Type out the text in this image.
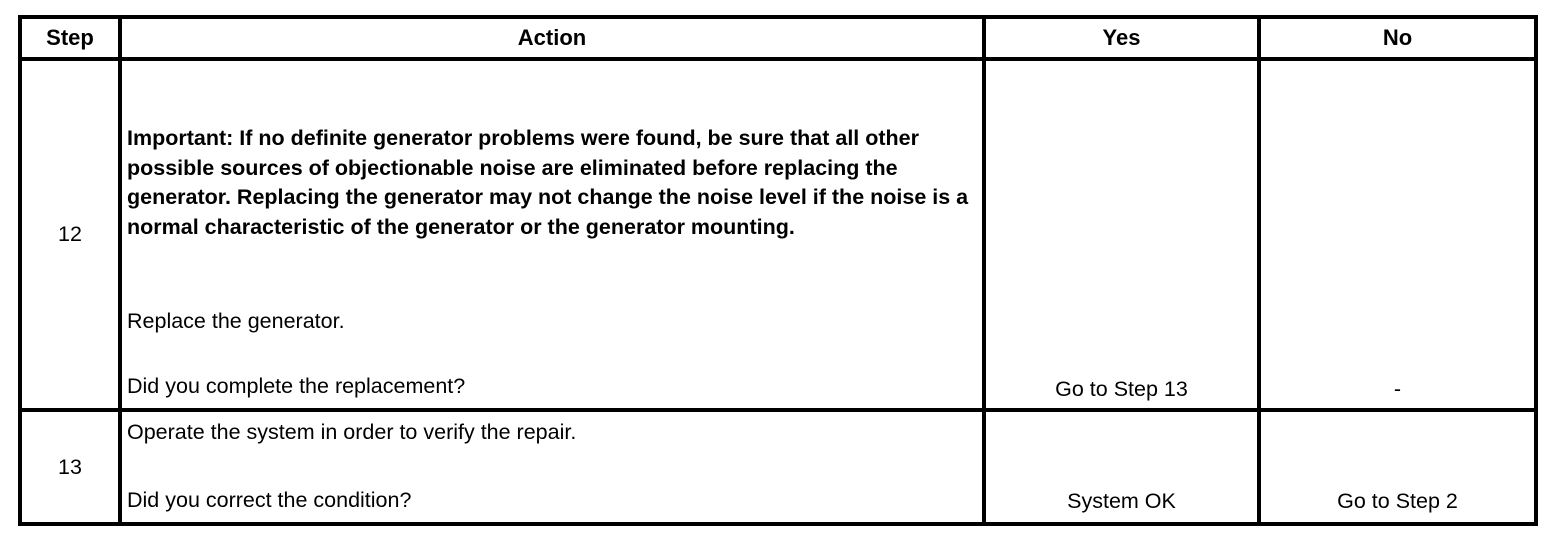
Step	Action	Yes	No
12	Important: If no definite generator problems were found, be sure that all other possible sources of objectionable noise are eliminated before replacing the generator. Replacing the generator may not change the noise level if the noise is a normal characteristic of the generator or the generator mounting.
Replace the generator.
Did you complete the replacement?	Go to Step 13	-
13	Operate the system in order to verify the repair.
Did you correct the condition?	System OK	Go to Step 2
